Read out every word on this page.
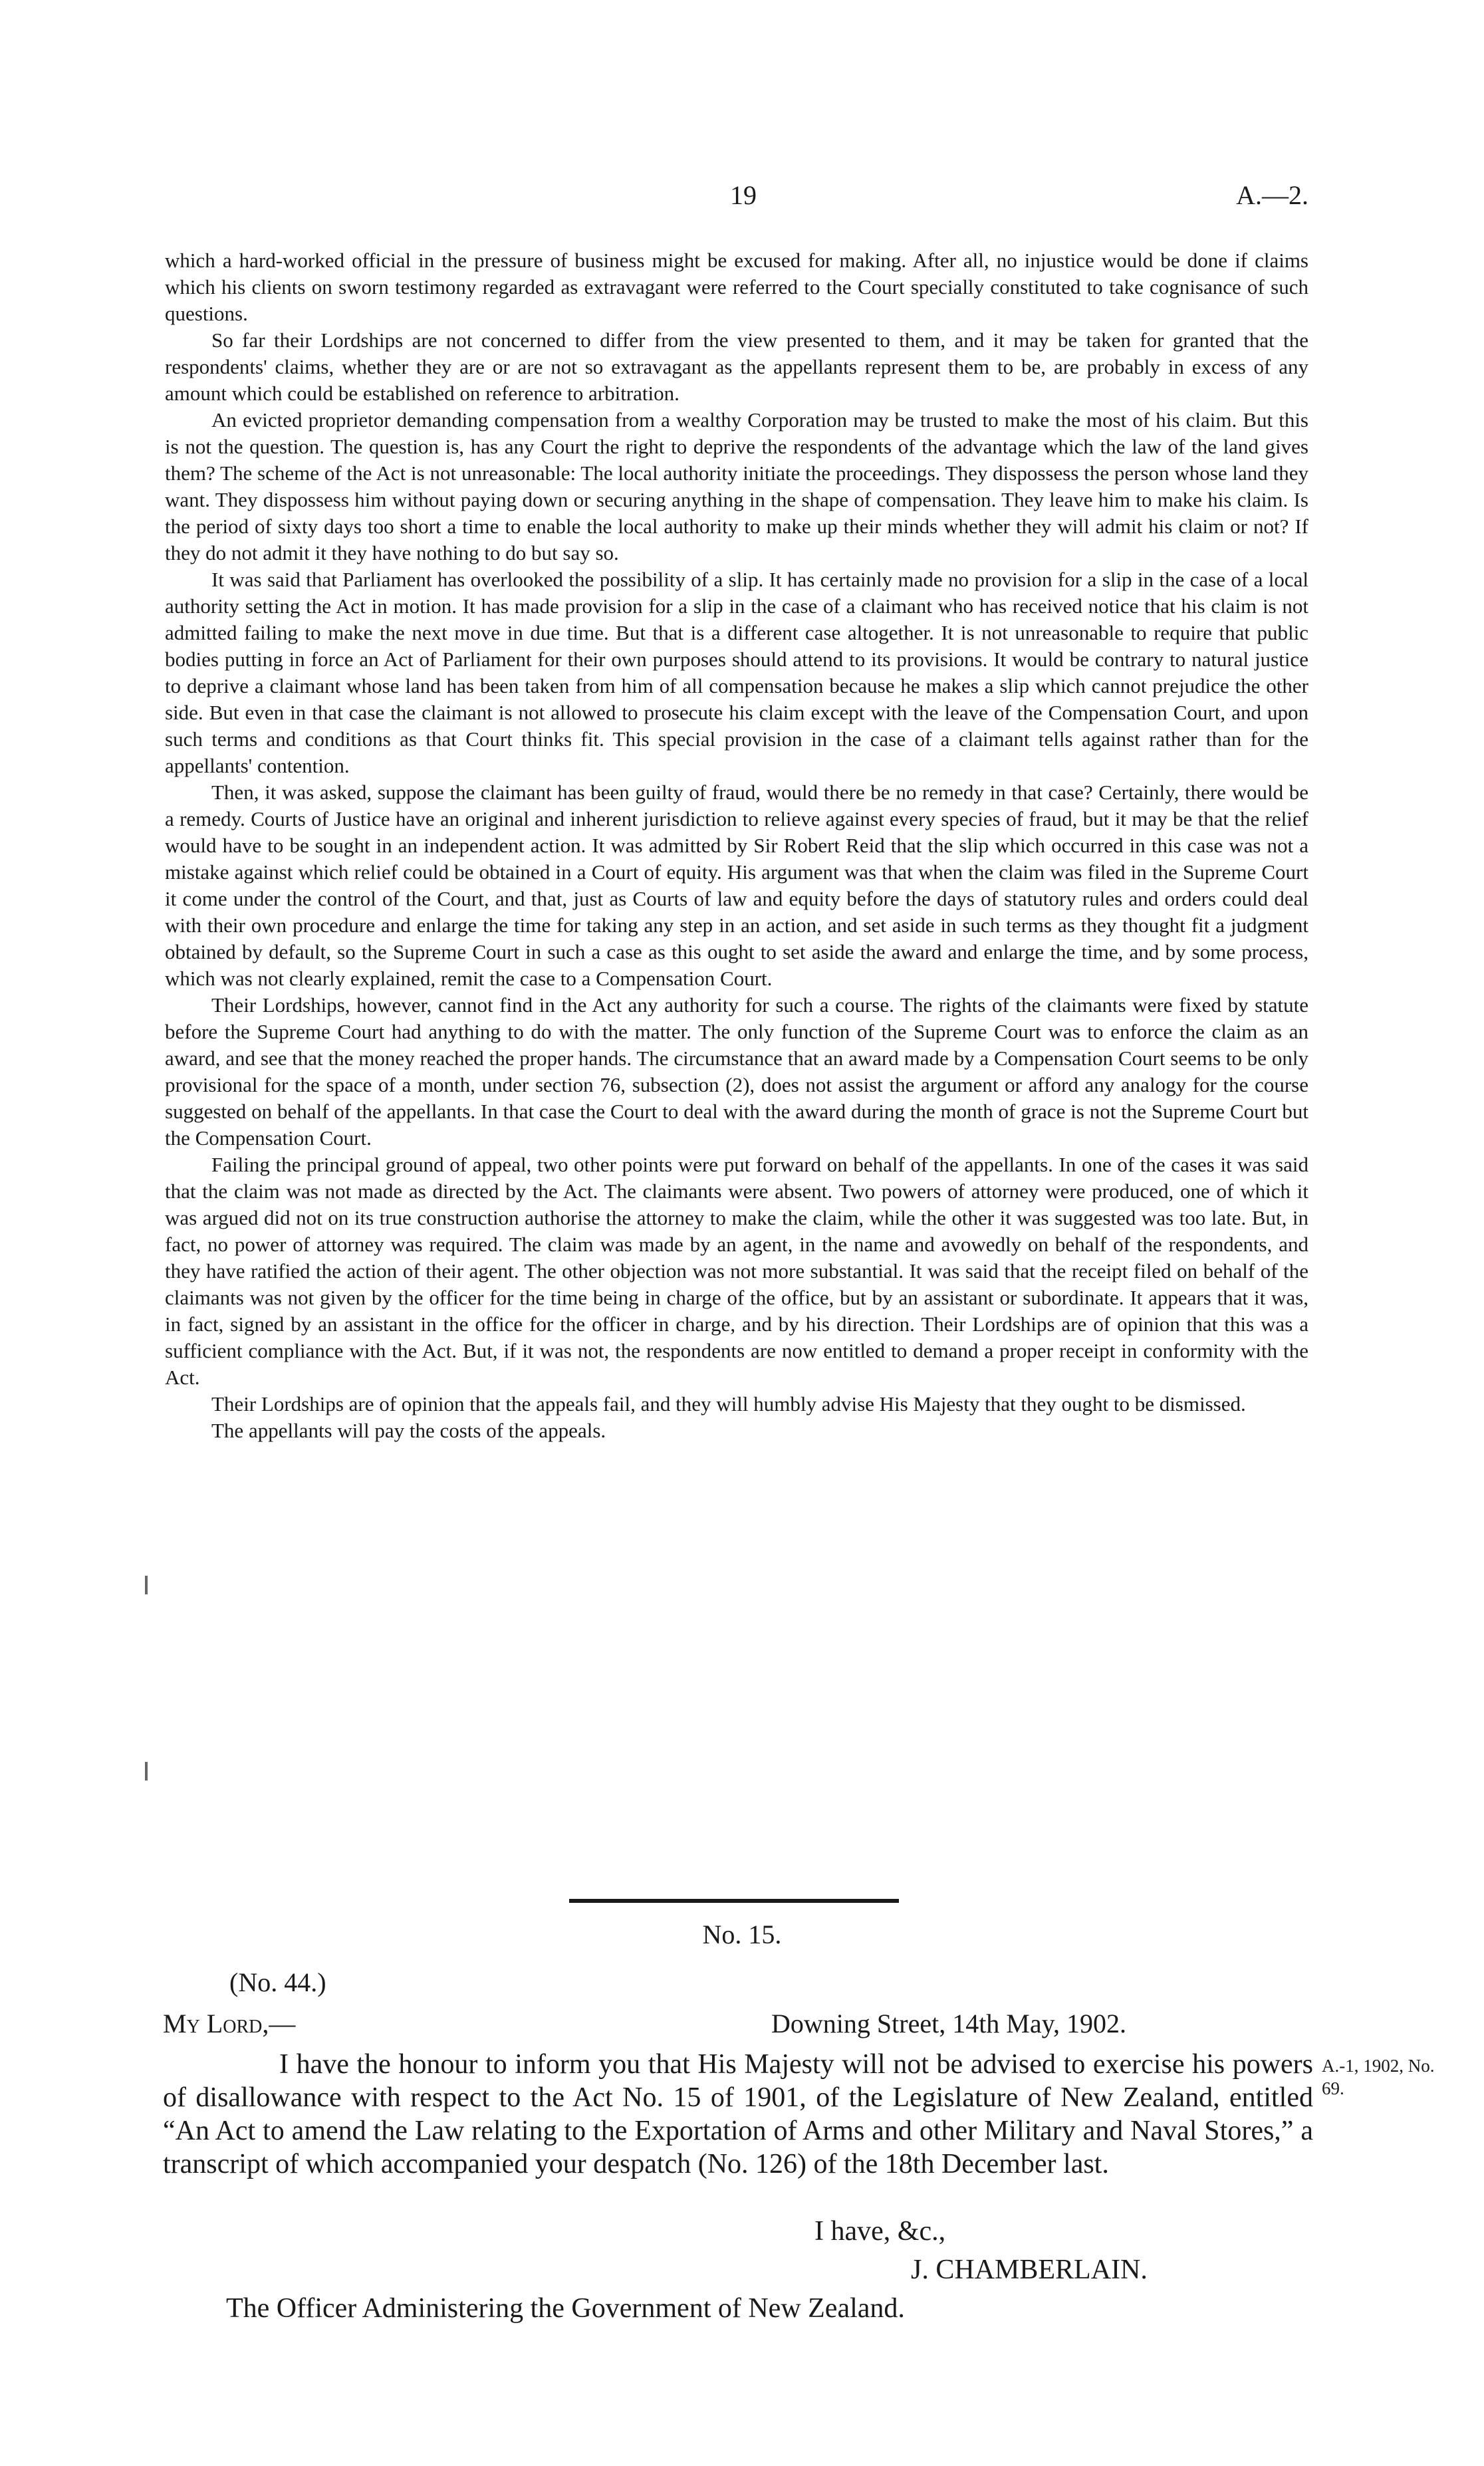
19	A.—2.

which a hard-worked official in the pressure of business might be excused for making. After all, no injustice would be done if claims which his clients on sworn testimony regarded as extravagant were referred to the Court specially constituted to take cognisance of such questions.

So far their Lordships are not concerned to differ from the view presented to them, and it may be taken for granted that the respondents' claims, whether they are or are not so extravagant as the appellants represent them to be, are probably in excess of any amount which could be established on reference to arbitration.

An evicted proprietor demanding compensation from a wealthy Corporation may be trusted to make the most of his claim. But this is not the question. The question is, has any Court the right to deprive the respondents of the advantage which the law of the land gives them? The scheme of the Act is not unreasonable: The local authority initiate the proceedings. They dispossess the person whose land they want. They dispossess him without paying down or securing anything in the shape of compensation. They leave him to make his claim. Is the period of sixty days too short a time to enable the local authority to make up their minds whether they will admit his claim or not? If they do not admit it they have nothing to do but say so.

It was said that Parliament has overlooked the possibility of a slip. It has certainly made no provision for a slip in the case of a local authority setting the Act in motion. It has made provision for a slip in the case of a claimant who has received notice that his claim is not admitted failing to make the next move in due time. But that is a different case altogether. It is not unreasonable to require that public bodies putting in force an Act of Parliament for their own purposes should attend to its provisions. It would be contrary to natural justice to deprive a claimant whose land has been taken from him of all compensation because he makes a slip which cannot prejudice the other side. But even in that case the claimant is not allowed to prosecute his claim except with the leave of the Compensation Court, and upon such terms and conditions as that Court thinks fit. This special provision in the case of a claimant tells against rather than for the appellants' contention.

Then, it was asked, suppose the claimant has been guilty of fraud, would there be no remedy in that case? Certainly, there would be a remedy. Courts of Justice have an original and inherent jurisdiction to relieve against every species of fraud, but it may be that the relief would have to be sought in an independent action. It was admitted by Sir Robert Reid that the slip which occurred in this case was not a mistake against which relief could be obtained in a Court of equity. His argument was that when the claim was filed in the Supreme Court it come under the control of the Court, and that, just as Courts of law and equity before the days of statutory rules and orders could deal with their own procedure and enlarge the time for taking any step in an action, and set aside in such terms as they thought fit a judgment obtained by default, so the Supreme Court in such a case as this ought to set aside the award and enlarge the time, and by some process, which was not clearly explained, remit the case to a Compensation Court.

Their Lordships, however, cannot find in the Act any authority for such a course. The rights of the claimants were fixed by statute before the Supreme Court had anything to do with the matter. The only function of the Supreme Court was to enforce the claim as an award, and see that the money reached the proper hands. The circumstance that an award made by a Compensation Court seems to be only provisional for the space of a month, under section 76, subsection (2), does not assist the argument or afford any analogy for the course suggested on behalf of the appellants. In that case the Court to deal with the award during the month of grace is not the Supreme Court but the Compensation Court.

Failing the principal ground of appeal, two other points were put forward on behalf of the appellants. In one of the cases it was said that the claim was not made as directed by the Act. The claimants were absent. Two powers of attorney were produced, one of which it was argued did not on its true construction authorise the attorney to make the claim, while the other it was suggested was too late. But, in fact, no power of attorney was required. The claim was made by an agent, in the name and avowedly on behalf of the respondents, and they have ratified the action of their agent. The other objection was not more substantial. It was said that the receipt filed on behalf of the claimants was not given by the officer for the time being in charge of the office, but by an assistant or subordinate. It appears that it was, in fact, signed by an assistant in the office for the officer in charge, and by his direction. Their Lordships are of opinion that this was a sufficient compliance with the Act. But, if it was not, the respondents are now entitled to demand a proper receipt in conformity with the Act.

Their Lordships are of opinion that the appeals fail, and they will humbly advise His Majesty that they ought to be dismissed.

The appellants will pay the costs of the appeals.

No. 15.
(No. 44.)
My Lord,—	Downing Street, 14th May, 1902.

I have the honour to inform you that His Majesty will not be advised to exercise his powers of disallowance with respect to the Act No. 15 of 1901, of the Legislature of New Zealand, entitled “An Act to amend the Law relating to the Exportation of Arms and other Military and Naval Stores,” a transcript of which accompanied your despatch (No. 126) of the 18th December last.

A.-1, 1902, No. 69.
I have, &c.,
J. CHAMBERLAIN.
The Officer Administering the Government of New Zealand.
